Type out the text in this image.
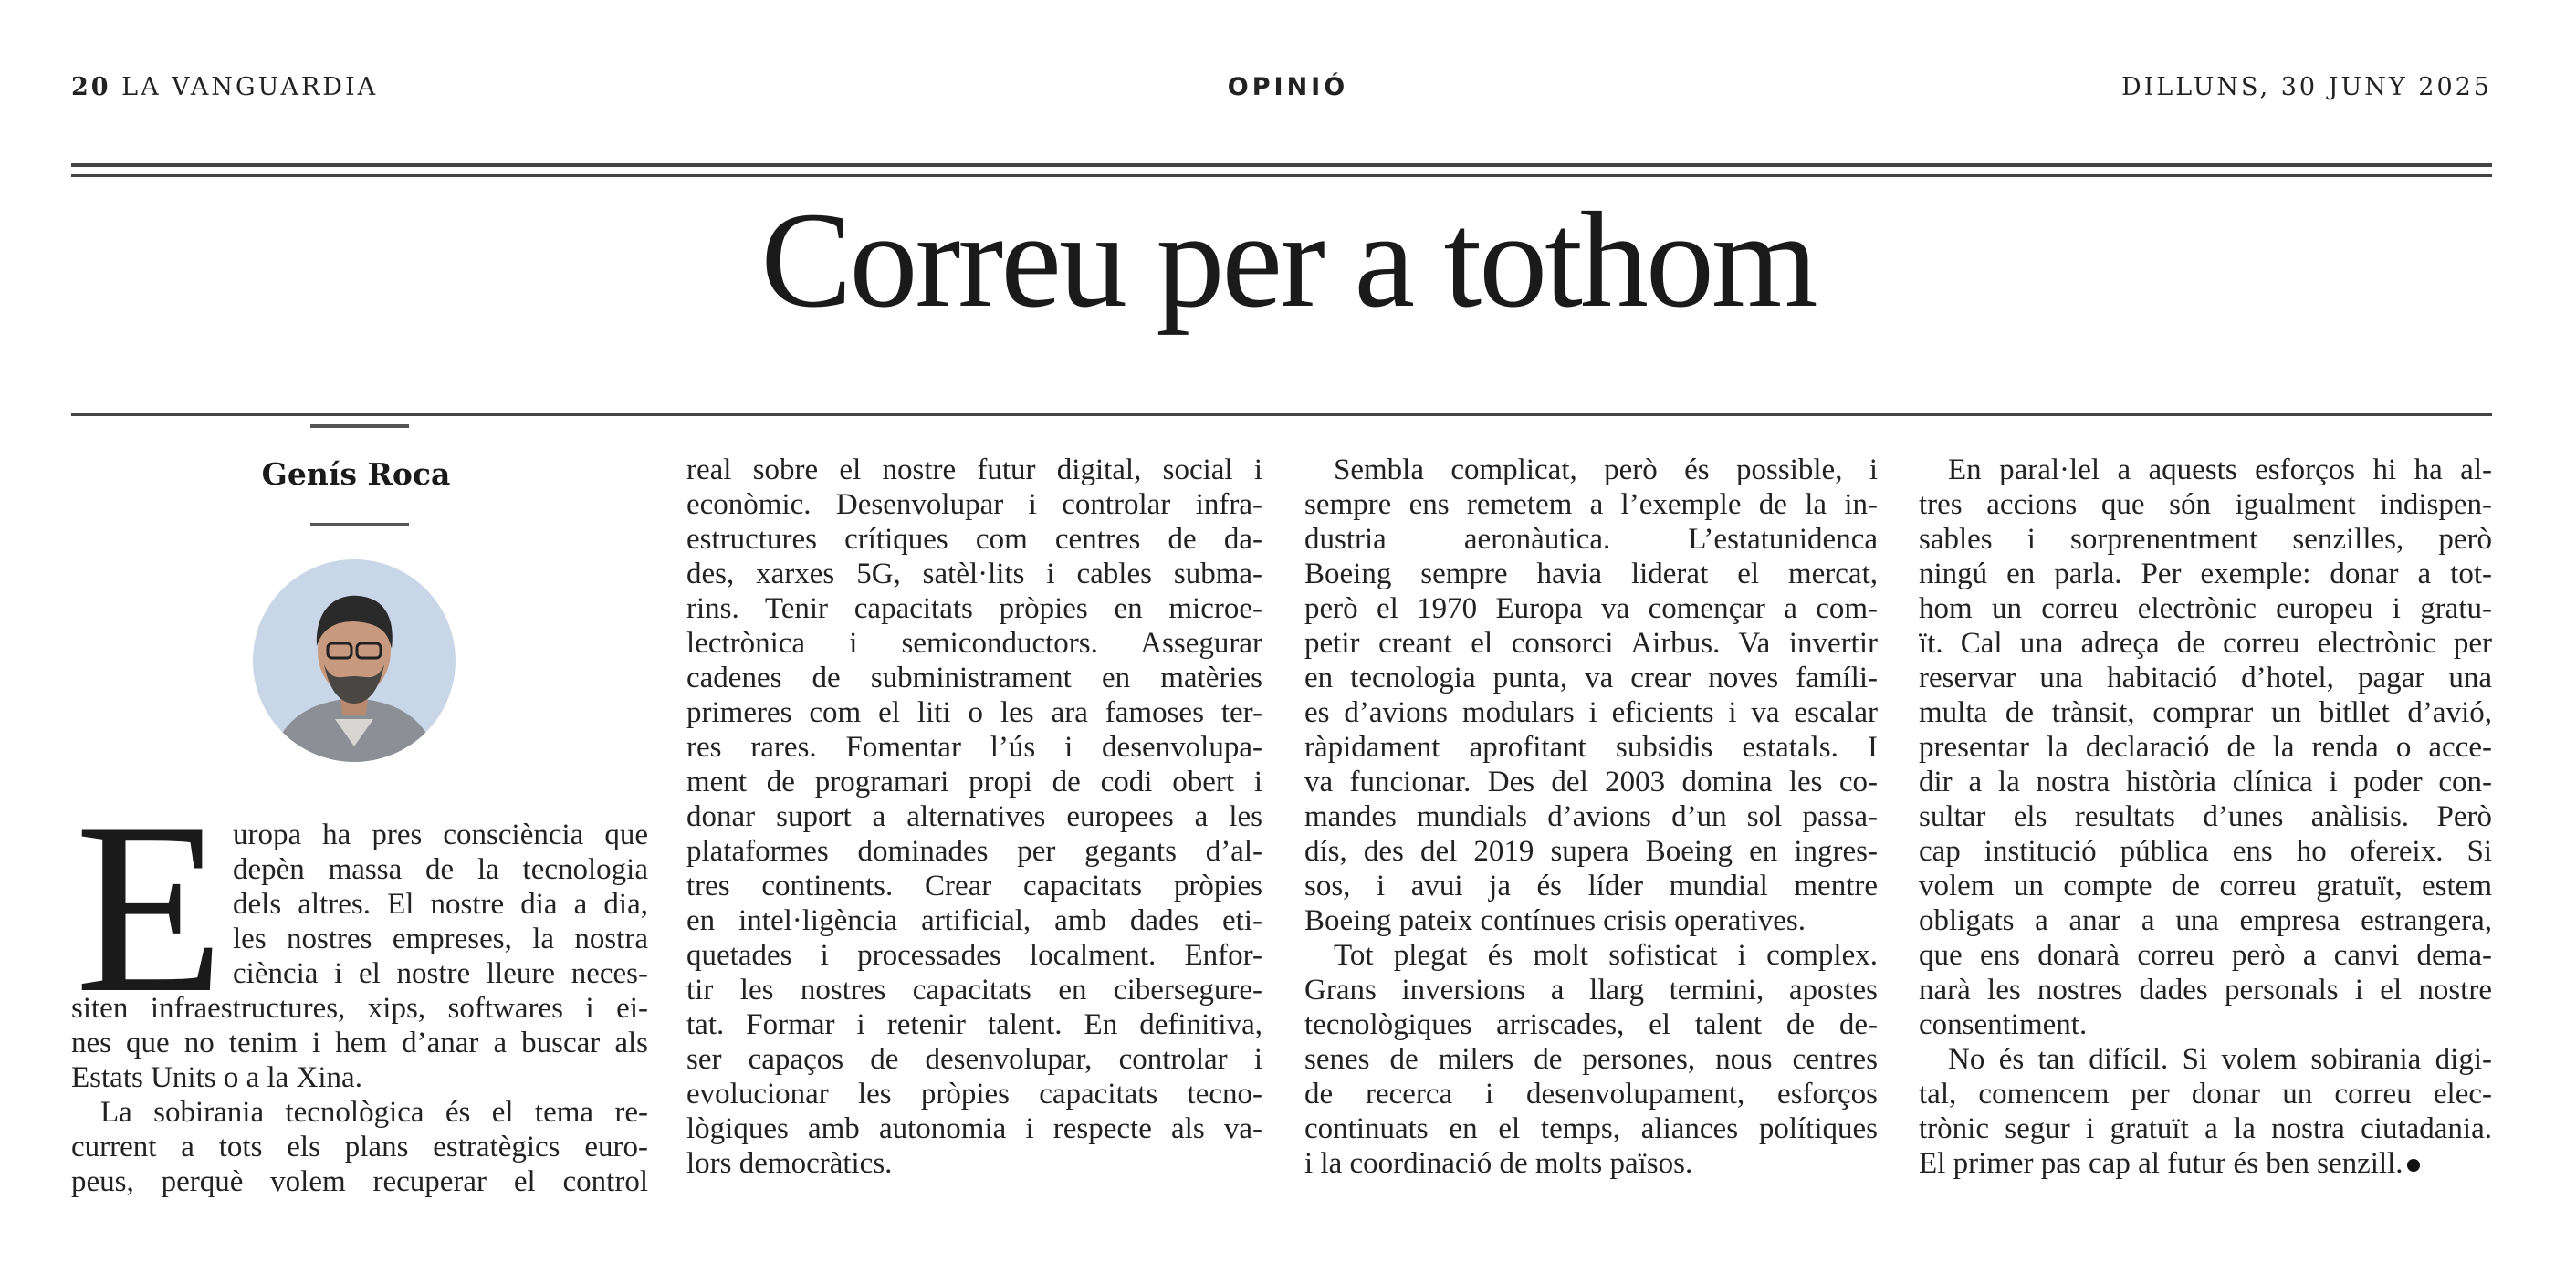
20 LA VANGUARDIA	OPINIÓ	DILLUNS, 30 JUNY 2025
Correu per a tothom
Genís Roca
E uropa ha pres consciència que
depèn massa de la tecnologia
dels altres. El nostre dia a dia,
les nostres empreses, la nostra
ciència i el nostre lleure neces-
siten infraestructures, xips, softwares i ei-
nes que no tenim i hem d’anar a buscar als
Estats Units o a la Xina.
La sobirania tecnològica és el tema re-
current a tots els plans estratègics euro-
peus, perquè volem recuperar el control
real sobre el nostre futur digital, social i
econòmic. Desenvolupar i controlar infra-
estructures crítiques com centres de da-
des, xarxes 5G, satèl·lits i cables subma-
rins. Tenir capacitats pròpies en microe-
lectrònica i semiconductors. Assegurar
cadenes de subministrament en matèries
primeres com el liti o les ara famoses ter-
res rares. Fomentar l’ús i desenvolupa-
ment de programari propi de codi obert i
donar suport a alternatives europees a les
plataformes dominades per gegants d’al-
tres continents. Crear capacitats pròpies
en intel·ligència artificial, amb dades eti-
quetades i processades localment. Enfor-
tir les nostres capacitats en cibersegure-
tat. Formar i retenir talent. En definitiva,
ser capaços de desenvolupar, controlar i
evolucionar les pròpies capacitats tecno-
lògiques amb autonomia i respecte als va-
lors democràtics.
Sembla complicat, però és possible, i
sempre ens remetem a l’exemple de la in-
dustria aeronàutica. L’estatunidenca
Boeing sempre havia liderat el mercat,
però el 1970 Europa va començar a com-
petir creant el consorci Airbus. Va invertir
en tecnologia punta, va crear noves famíli-
es d’avions modulars i eficients i va escalar
ràpidament aprofitant subsidis estatals. I
va funcionar. Des del 2003 domina les co-
mandes mundials d’avions d’un sol passa-
dís, des del 2019 supera Boeing en ingres-
sos, i avui ja és líder mundial mentre
Boeing pateix contínues crisis operatives.
Tot plegat és molt sofisticat i complex.
Grans inversions a llarg termini, apostes
tecnològiques arriscades, el talent de de-
senes de milers de persones, nous centres
de recerca i desenvolupament, esforços
continuats en el temps, aliances polítiques
i la coordinació de molts països.
En paral·lel a aquests esforços hi ha al-
tres accions que són igualment indispen-
sables i sorprenentment senzilles, però
ningú en parla. Per exemple: donar a tot-
hom un correu electrònic europeu i gratu-
ït. Cal una adreça de correu electrònic per
reservar una habitació d’hotel, pagar una
multa de trànsit, comprar un bitllet d’avió,
presentar la declaració de la renda o acce-
dir a la nostra història clínica i poder con-
sultar els resultats d’unes anàlisis. Però
cap institució pública ens ho ofereix. Si
volem un compte de correu gratuït, estem
obligats a anar a una empresa estrangera,
que ens donarà correu però a canvi dema-
narà les nostres dades personals i el nostre
consentiment.
No és tan difícil. Si volem sobirania digi-
tal, comencem per donar un correu elec-
trònic segur i gratuït a la nostra ciutadania.
El primer pas cap al futur és ben senzill.
